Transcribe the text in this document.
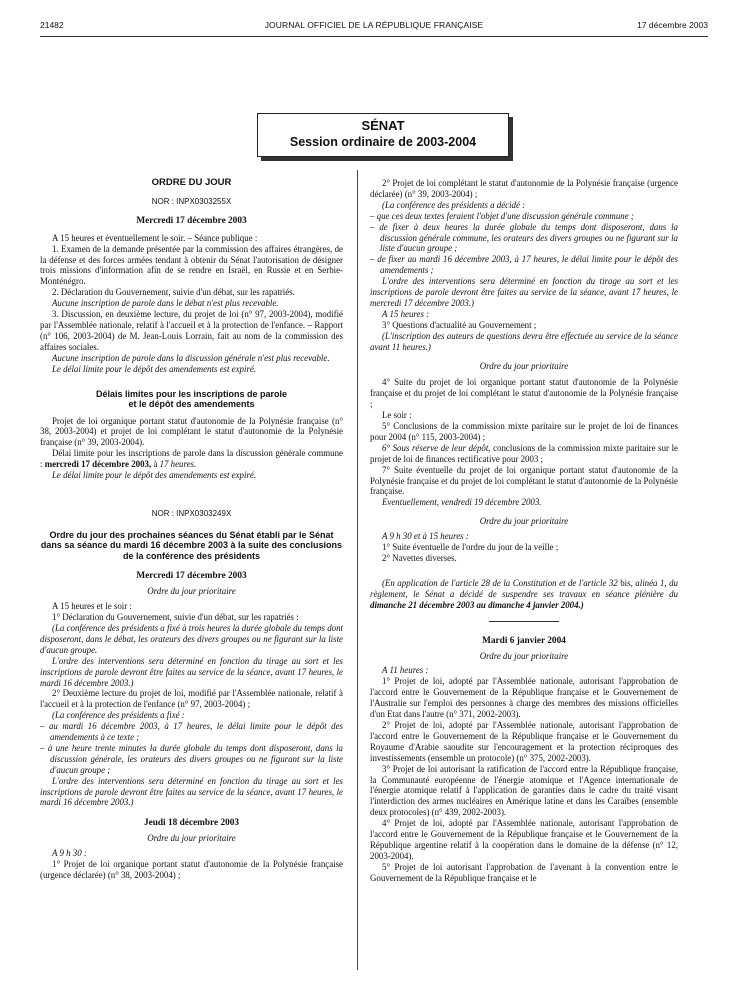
21482	JOURNAL OFFICIEL DE LA RÉPUBLIQUE FRANÇAISE	17 décembre 2003
SÉNAT
Session ordinaire de 2003-2004

ORDRE DU JOUR

NOR : INPX0303255X

Mercredi 17 décembre 2003

A 15 heures et éventuellement le soir. – Séance publique :

1. Examen de la demande présentée par la commission des affaires étrangères, de la défense et des forces armées tendant à obtenir du Sénat l'autorisation de désigner trois missions d'information afin de se rendre en Israël, en Russie et en Serbie-Monténégro.

2. Déclaration du Gouvernement, suivie d'un débat, sur les rapatriés.

Aucune inscription de parole dans le débat n'est plus recevable.

3. Discussion, en deuxième lecture, du projet de loi (n° 97, 2003-2004), modifié par l'Assemblée nationale, relatif à l'accueil et à la protection de l'enfance. – Rapport (n° 106, 2003-2004) de M. Jean-Louis Lorrain, fait au nom de la commission des affaires sociales.

Aucune inscription de parole dans la discussion générale n'est plus recevable.

Le délai limite pour le dépôt des amendements est expiré.

Délais limites pour les inscriptions de parole

et le dépôt des amendements

Projet de loi organique portant statut d'autonomie de la Polynésie française (n° 38, 2003-2004) et projet de loi complétant le statut d'autonomie de la Polynésie française (n° 39, 2003-2004).

Délai limite pour les inscriptions de parole dans la discussion générale commune : mercredi 17 décembre 2003, à 17 heures.

Le délai limite pour le dépôt des amendements est expiré.

NOR : INPX0303249X

Ordre du jour des prochaines séances du Sénat établi par le Sénat dans sa séance du mardi 16 décembre 2003 à la suite des conclusions de la conférence des présidents

Mercredi 17 décembre 2003

Ordre du jour prioritaire

A 15 heures et le soir :

1° Déclaration du Gouvernement, suivie d'un débat, sur les rapatriés :

(La conférence des présidents a fixé à trois heures la durée globale du temps dont disposeront, dans le débat, les orateurs des divers groupes ou ne figurant sur la liste d'aucun groupe.

L'ordre des interventions sera déterminé en fonction du tirage au sort et les inscriptions de parole devront être faites au service de la séance, avant 17 heures, le mardi 16 décembre 2003.)

2° Deuxième lecture du projet de loi, modifié par l'Assemblée nationale, relatif à l'accueil et à la protection de l'enfance (n° 97, 2003-2004) ;

(La conférence des présidents a fixé :

– au mardi 16 décembre 2003, à 17 heures, le délai limite pour le dépôt des amendements à ce texte ;

– à une heure trente minutes la durée globale du temps dont disposeront, dans la discussion générale, les orateurs des divers groupes ou ne figurant sur la liste d'aucun groupe ;

L'ordre des interventions sera déterminé en fonction du tirage au sort et les inscriptions de parole devront être faites au service de la séance, avant 17 heures, le mardi 16 décembre 2003.)

Jeudi 18 décembre 2003

Ordre du jour prioritaire

A 9 h 30 :

1° Projet de loi organique portant statut d'autonomie de la Polynésie française (urgence déclarée) (n° 38, 2003-2004) ;

2° Projet de loi complétant le statut d'autonomie de la Polynésie française (urgence déclarée) (n° 39, 2003-2004) ;

(La conférence des présidents a décidé :

– que ces deux textes feraient l'objet d'une discussion générale commune ;

– de fixer à deux heures la durée globale du temps dont disposeront, dans la discussion générale commune, les orateurs des divers groupes ou ne figurant sur la liste d'aucun groupe ;

– de fixer au mardi 16 décembre 2003, à 17 heures, le délai limite pour le dépôt des amendements ;

L'ordre des interventions sera déterminé en fonction du tirage au sort et les inscriptions de parole devront être faites au service de la séance, avant 17 heures, le mercredi 17 décembre 2003.)

A 15 heures :

3° Questions d'actualité au Gouvernement ;

(L'inscription des auteurs de questions devra être effectuée au service de la séance avant 11 heures.)

Ordre du jour prioritaire

4° Suite du projet de loi organique portant statut d'autonomie de la Polynésie française et du projet de loi complétant le statut d'autonomie de la Polynésie française ;

Le soir :

5° Conclusions de la commission mixte paritaire sur le projet de loi de finances pour 2004 (n° 115, 2003-2004) ;

6° Sous réserve de leur dépôt, conclusions de la commission mixte paritaire sur le projet de loi de finances rectificative pour 2003 ;

7° Suite éventuelle du projet de loi organique portant statut d'autonomie de la Polynésie française et du projet de loi complétant le statut d'autonomie de la Polynésie française.

Eventuellement, vendredi 19 décembre 2003.

Ordre du jour prioritaire

A 9 h 30 et à 15 heures :

1° Suite éventuelle de l'ordre du jour de la veille ;

2° Navettes diverses.

(En application de l'article 28 de la Constitution et de l'article 32 bis, alinéa 1, du règlement, le Sénat a décidé de suspendre ses travaux en séance plénière du dimanche 21 décembre 2003 au dimanche 4 janvier 2004.)

Mardi 6 janvier 2004

Ordre du jour prioritaire

A 11 heures :

1° Projet de loi, adopté par l'Assemblée nationale, autorisant l'approbation de l'accord entre le Gouvernement de la République française et le Gouvernement de l'Australie sur l'emploi des personnes à charge des membres des missions officielles d'un Etat dans l'autre (n° 371, 2002-2003).

2° Projet de loi, adopté par l'Assemblée nationale, autorisant l'approbation de l'accord entre le Gouvernement de la République française et le Gouvernement du Royaume d'Arabie saoudite sur l'encouragement et la protection réciproques des investissements (ensemble un protocole) (n° 375, 2002-2003).

3° Projet de loi autorisant la ratification de l'accord entre la République française, la Communauté européenne de l'énergie atomique et l'Agence internationale de l'énergie atomique relatif à l'application de garanties dans le cadre du traité visant l'interdiction des armes nucléaires en Amérique latine et dans les Caraïbes (ensemble deux protocoles) (n° 439, 2002-2003).

4° Projet de loi, adopté par l'Assemblée nationale, autorisant l'approbation de l'accord entre le Gouvernement de la République française et le Gouvernement de la République argentine relatif à la coopération dans le domaine de la défense (n° 12, 2003-2004).

5° Projet de loi autorisant l'approbation de l'avenant à la convention entre le Gouvernement de la République française et le
